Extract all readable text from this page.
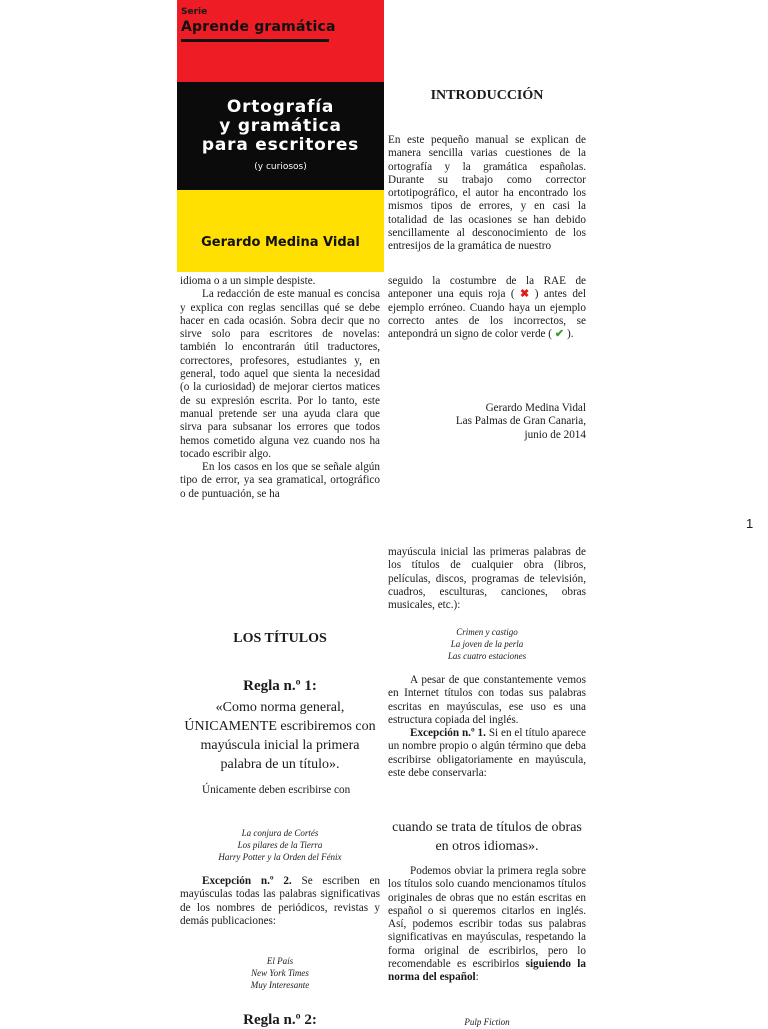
Serie
Aprende gramática
Ortografía
y gramática
para escritores
(y curiosos)
Gerardo Medina Vidal
INTRODUCCIÓN

En este pequeño manual se explican de manera sencilla varias cuestiones de la ortografía y la gramática españolas. Durante su trabajo como corrector ortotipográfico, el autor ha encontrado los mismos tipos de errores, y en casi la totalidad de las ocasiones se han debido sencillamente al desconocimiento de los entresijos de la gramática de nuestro

idioma o a un simple despiste.

La redacción de este manual es concisa y explica con reglas sencillas qué se debe hacer en cada ocasión. Sobra decir que no sirve solo para escritores de novelas: también lo encontrarán útil traductores, correctores, profesores, estudiantes y, en general, todo aquel que sienta la necesidad (o la curiosidad) de mejorar ciertos matices de su expresión escrita. Por lo tanto, este manual pretende ser una ayuda clara que sirva para subsanar los errores que todos hemos cometido alguna vez cuando nos ha tocado escribir algo.

En los casos en los que se señale algún tipo de error, ya sea gramatical, ortográfico o de puntuación, se ha

seguido la costumbre de la RAE de anteponer una equis roja ( ✖ ) antes del ejemplo erróneo. Cuando haya un ejemplo correcto antes de los incorrectos, se antepondrá un signo de color verde ( ✔ ).

Gerardo Medina Vidal
Las Palmas de Gran Canaria,
junio de 2014
1
LOS TÍTULOS
Regla n.º 1:
«Como norma general, ÚNICAMENTE escribiremos con mayúscula inicial la primera palabra de un título».

Únicamente deben escribirse con

La conjura de Cortés
Los pilares de la Tierra
Harry Potter y la Orden del Fénix

Excepción n.º 2. Se escriben en mayúsculas todas las palabras significativas de los nombres de periódicos, revistas y demás publicaciones:

El País
New York Times
Muy Interesante
Regla n.º 2:

mayúscula inicial las primeras palabras de los títulos de cualquier obra (libros, películas, discos, programas de televisión, cuadros, esculturas, canciones, obras musicales, etc.):

Crimen y castigo
La joven de la perla
Las cuatro estaciones

A pesar de que constantemente vemos en Internet títulos con todas sus palabras escritas en mayúsculas, ese uso es una estructura copiada del inglés.

Excepción n.º 1. Si en el título aparece un nombre propio o algún término que deba escribirse obligatoriamente en mayúscula, este debe conservarla:

cuando se trata de títulos de obras en otros idiomas».

Podemos obviar la primera regla sobre los títulos solo cuando mencionamos títulos originales de obras que no están escritas en español o si queremos citarlos en inglés. Así, podemos escribir todas sus palabras significativas en mayúsculas, respetando la forma original de escribirlos, pero lo recomendable es escribirlos siguiendo la norma del español:

Pulp Fiction
